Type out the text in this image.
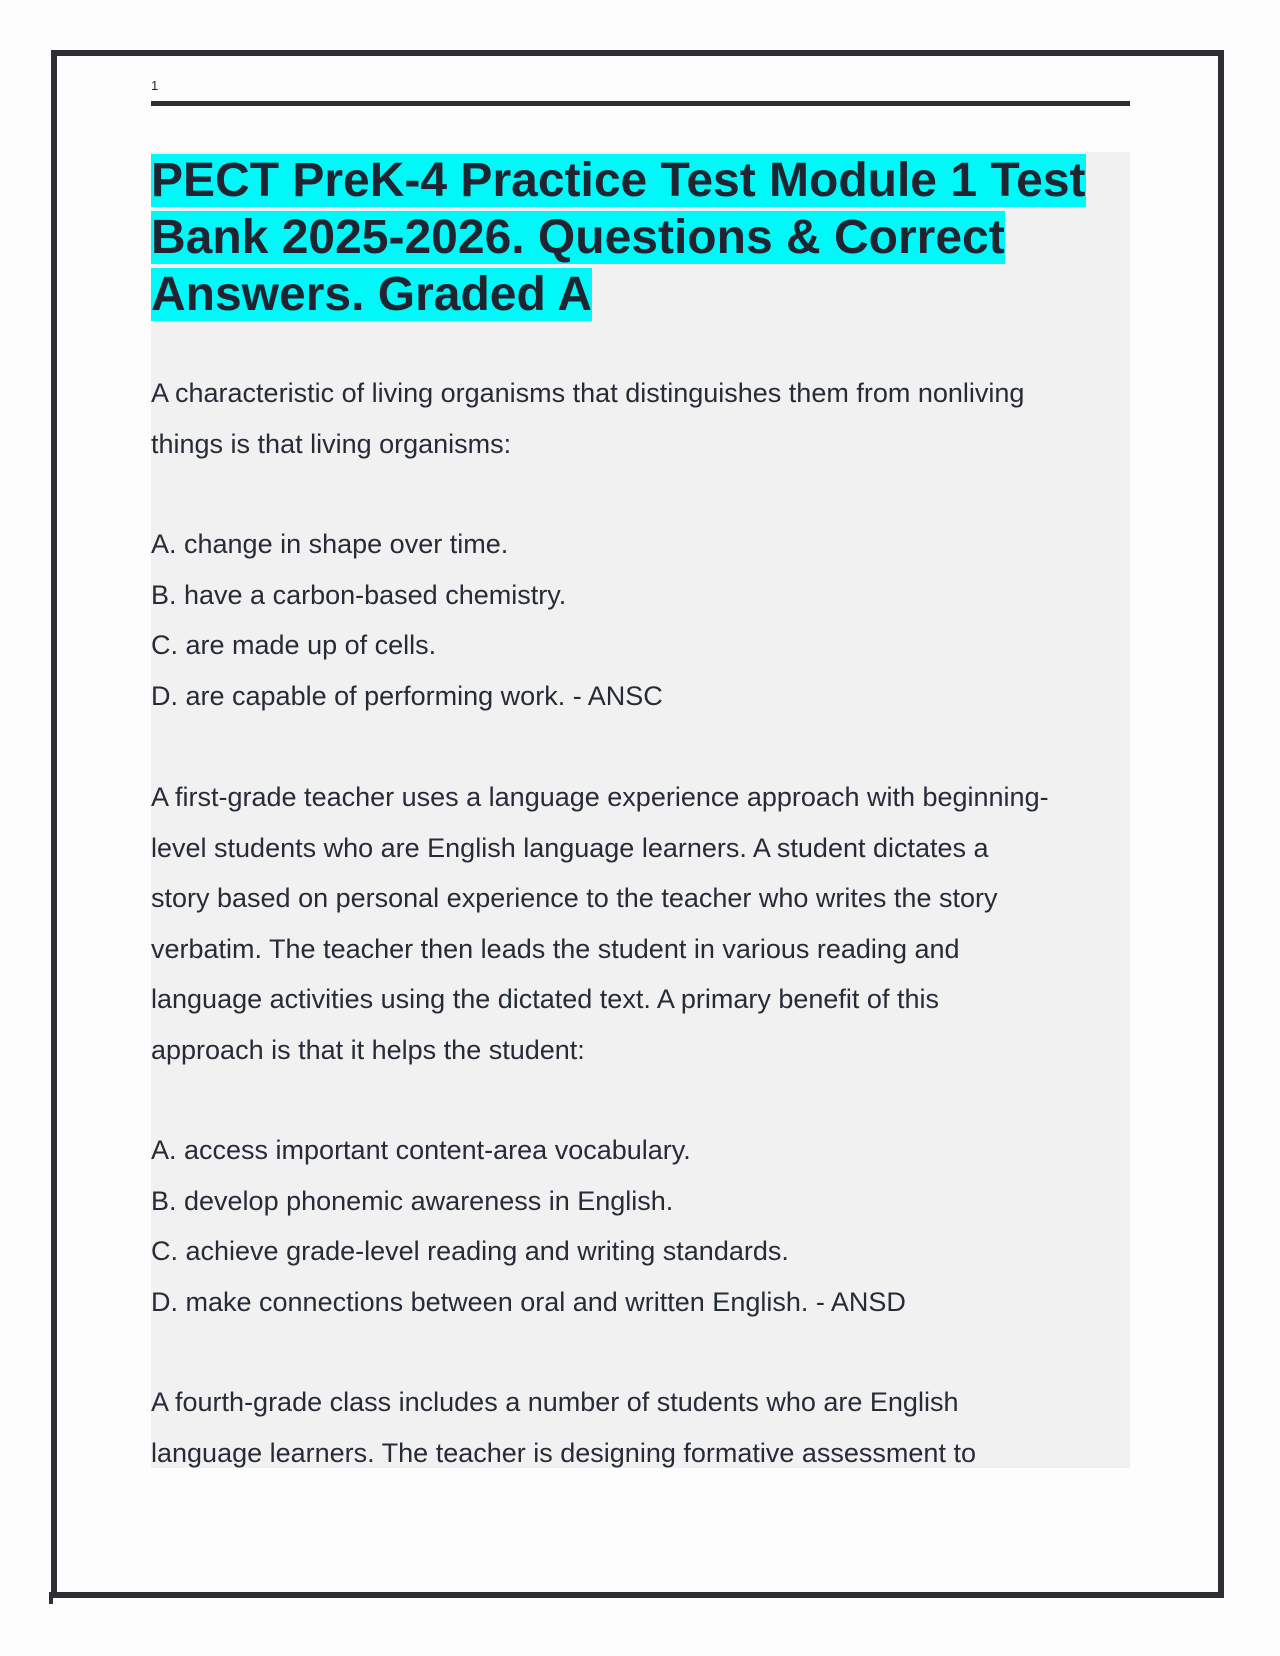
1
PECT PreK-4 Practice Test Module 1 Test
Bank 2025-2026. Questions & Correct
Answers. Graded A
A characteristic of living organisms that distinguishes them from nonliving
things is that living organisms:
A. change in shape over time.
B. have a carbon-based chemistry.
C. are made up of cells.
D. are capable of performing work. - ANSC
A first-grade teacher uses a language experience approach with beginning-
level students who are English language learners. A student dictates a
story based on personal experience to the teacher who writes the story
verbatim. The teacher then leads the student in various reading and
language activities using the dictated text. A primary benefit of this
approach is that it helps the student:
A. access important content-area vocabulary.
B. develop phonemic awareness in English.
C. achieve grade-level reading and writing standards.
D. make connections between oral and written English. - ANSD
A fourth-grade class includes a number of students who are English
language learners. The teacher is designing formative assessment to
